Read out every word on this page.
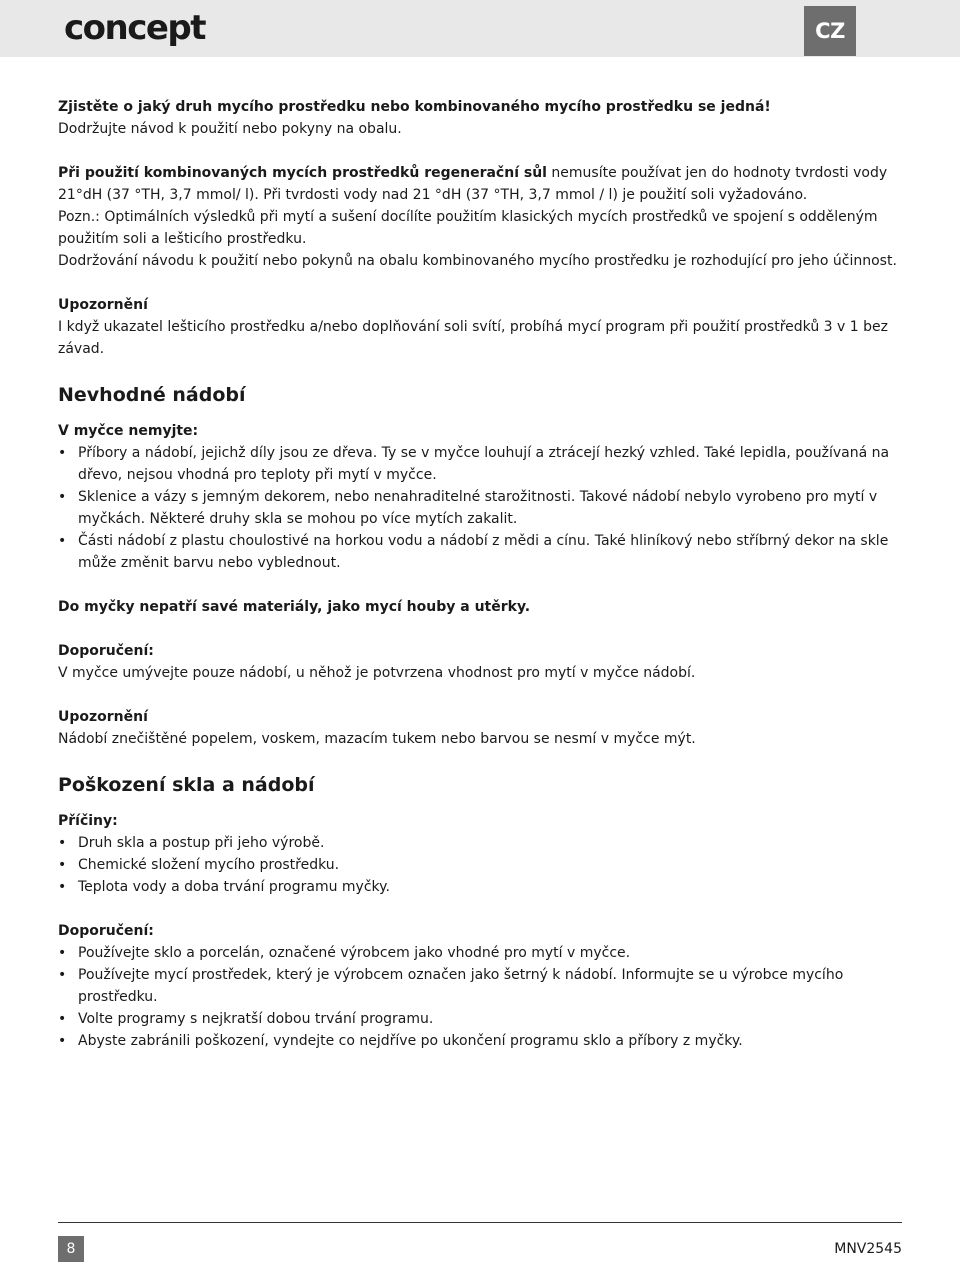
concept	CZ

Zjistěte o jaký druh mycího prostředku nebo kombinovaného mycího prostředku se jedná!
Dodržujte návod k použití nebo pokyny na obalu.

Při použití kombinovaných mycích prostředků regenerační sůl nemusíte používat jen do hodnoty tvrdosti vody 21°dH (37 °TH, 3,7 mmol/ l). Při tvrdosti vody nad 21 °dH (37 °TH, 3,7 mmol / l) je použití soli vyžadováno.

Pozn.: Optimálních výsledků při mytí a sušení docílíte použitím klasických mycích prostředků ve spojení s odděleným použitím soli a lešticího prostředku.

Dodržování návodu k použití nebo pokynů na obalu kombinovaného mycího prostředku je rozhodující pro jeho účinnost.

Upozornění

I když ukazatel lešticího prostředku a/nebo doplňování soli svítí, probíhá mycí program při použití prostředků 3 v 1 bez závad.

Nevhodné nádobí

V myčce nemyjte:

• Příbory a nádobí, jejichž díly jsou ze dřeva. Ty se v myčce louhují a ztrácejí hezký vzhled. Také lepidla, používaná na dřevo, nejsou vhodná pro teploty při mytí v myčce.
• Sklenice a vázy s jemným dekorem, nebo nenahraditelné starožitnosti. Takové nádobí nebylo vyrobeno pro mytí v myčkách. Některé druhy skla se mohou po více mytích zakalit.
• Části nádobí z plastu choulostivé na horkou vodu a nádobí z mědi a cínu. Také hliníkový nebo stříbrný dekor na skle může změnit barvu nebo vyblednout.

Do myčky nepatří savé materiály, jako mycí houby a utěrky.

Doporučení:

V myčce umývejte pouze nádobí, u něhož je potvrzena vhodnost pro mytí v myčce nádobí.

Upozornění

Nádobí znečištěné popelem, voskem, mazacím tukem nebo barvou se nesmí v myčce mýt.

Poškození skla a nádobí

Příčiny:

• Druh skla a postup při jeho výrobě.
• Chemické složení mycího prostředku.
• Teplota vody a doba trvání programu myčky.

Doporučení:

• Používejte sklo a porcelán, označené výrobcem jako vhodné pro mytí v myčce.
• Používejte mycí prostředek, který je výrobcem označen jako šetrný k nádobí. Informujte se u výrobce mycího prostředku.
• Volte programy s nejkratší dobou trvání programu.
• Abyste zabránili poškození, vyndejte co nejdříve po ukončení programu sklo a příbory z myčky.
8	MNV2545
